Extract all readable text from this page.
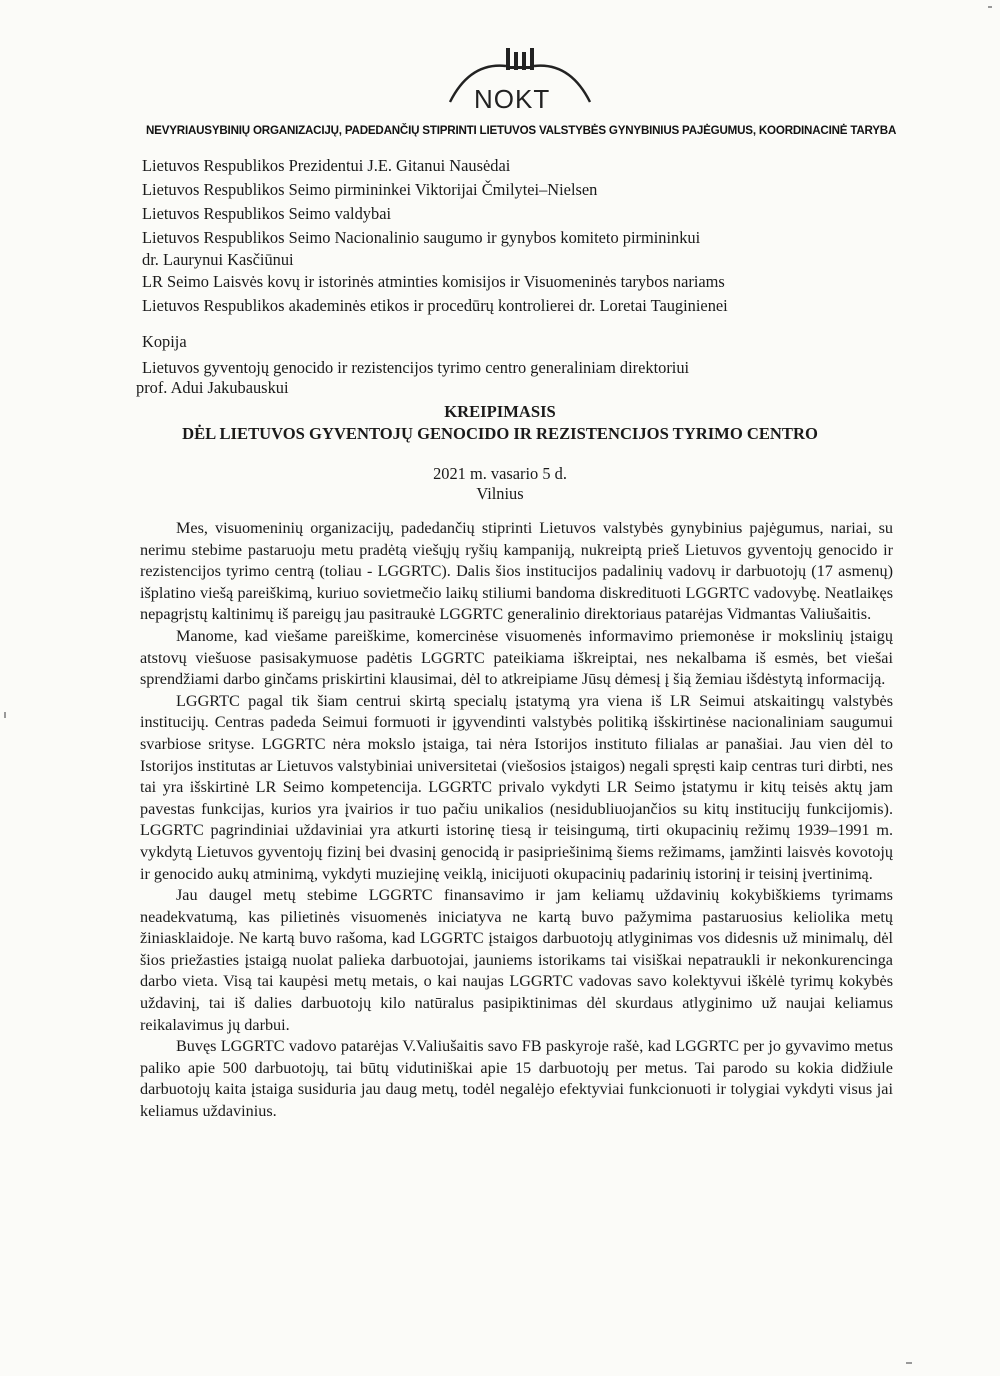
NOKT
NEVYRIAUSYBINIŲ ORGANIZACIJŲ, PADEDANČIŲ STIPRINTI LIETUVOS VALSTYBĖS GYNYBINIUS PAJĖGUMUS, KOORDINACINĖ TARYBA
Lietuvos Respublikos Prezidentui J.E. Gitanui Nausėdai
Lietuvos Respublikos Seimo pirmininkei Viktorijai Čmilytei–Nielsen
Lietuvos Respublikos Seimo valdybai
Lietuvos Respublikos Seimo Nacionalinio saugumo ir gynybos komiteto pirmininkui
dr. Laurynui Kasčiūnui
LR Seimo Laisvės kovų ir istorinės atminties komisijos ir Visuomeninės tarybos nariams
Lietuvos Respublikos akademinės etikos ir procedūrų kontrolierei dr. Loretai Tauginienei
Kopija
Lietuvos gyventojų genocido ir rezistencijos tyrimo centro generaliniam direktoriui
prof. Adui Jakubauskui
KREIPIMASIS
DĖL LIETUVOS GYVENTOJŲ GENOCIDO IR REZISTENCIJOS TYRIMO CENTRO
2021 m. vasario 5 d.
Vilnius

Mes, visuomeninių organizacijų, padedančių stiprinti Lietuvos valstybės gynybinius pajėgumus, nariai, su nerimu stebime pastaruoju metu pradėtą viešųjų ryšių kampaniją, nukreiptą prieš Lietuvos gyventojų genocido ir rezistencijos tyrimo centrą (toliau - LGGRTC). Dalis šios institucijos padalinių vadovų ir darbuotojų (17 asmenų) išplatino viešą pareiškimą, kuriuo sovietmečio laikų stiliumi bandoma diskredituoti LGGRTC vadovybę. Neatlaikęs nepagrįstų kaltinimų iš pareigų jau pasitraukė LGGRTC generalinio direktoriaus patarėjas Vidmantas Valiušaitis.

Manome, kad viešame pareiškime, komercinėse visuomenės informavimo priemonėse ir mokslinių įstaigų atstovų viešuose pasisakymuose padėtis LGGRTC pateikiama iškreiptai, nes nekalbama iš esmės, bet viešai sprendžiami darbo ginčams priskirtini klausimai, dėl to atkreipiame Jūsų dėmesį į šią žemiau išdėstytą informaciją.

LGGRTC pagal tik šiam centrui skirtą specialų įstatymą yra viena iš LR Seimui atskaitingų valstybės institucijų. Centras padeda Seimui formuoti ir įgyvendinti valstybės politiką išskirtinėse nacionaliniam saugumui svarbiose srityse. LGGRTC nėra mokslo įstaiga, tai nėra Istorijos instituto filialas ar panašiai. Jau vien dėl to Istorijos institutas ar Lietuvos valstybiniai universitetai (viešosios įstaigos) negali spręsti kaip centras turi dirbti, nes tai yra išskirtinė LR Seimo kompetencija. LGGRTC privalo vykdyti LR Seimo įstatymu ir kitų teisės aktų jam pavestas funkcijas, kurios yra įvairios ir tuo pačiu unikalios (nesidubliuojančios su kitų institucijų funkcijomis). LGGRTC pagrindiniai uždaviniai yra atkurti istorinę tiesą ir teisingumą, tirti okupacinių režimų 1939–1991 m. vykdytą Lietuvos gyventojų fizinį bei dvasinį genocidą ir pasipriešinimą šiems režimams, įamžinti laisvės kovotojų ir genocido aukų atminimą, vykdyti muziejinę veiklą, inicijuoti okupacinių padarinių istorinį ir teisinį įvertinimą.

Jau daugel metų stebime LGGRTC finansavimo ir jam keliamų uždavinių kokybiškiems tyrimams neadekvatumą, kas pilietinės visuomenės iniciatyva ne kartą buvo pažymima pastaruosius keliolika metų žiniasklaidoje. Ne kartą buvo rašoma, kad LGGRTC įstaigos darbuotojų atlyginimas vos didesnis už minimalų, dėl šios priežasties įstaigą nuolat palieka darbuotojai, jauniems istorikams tai visiškai nepatraukli ir nekonkurencinga darbo vieta. Visą tai kaupėsi metų metais, o kai naujas LGGRTC vadovas savo kolektyvui iškėlė tyrimų kokybės uždavinį, tai iš dalies darbuotojų kilo natūralus pasipiktinimas dėl skurdaus atlyginimo už naujai keliamus reikalavimus jų darbui.

Buvęs LGGRTC vadovo patarėjas V.Valiušaitis savo FB paskyroje rašė, kad LGGRTC per jo gyvavimo metus paliko apie 500 darbuotojų, tai būtų vidutiniškai apie 15 darbuotojų per metus. Tai parodo su kokia didžiule darbuotojų kaita įstaiga susiduria jau daug metų, todėl negalėjo efektyviai funkcionuoti ir tolygiai vykdyti visus jai keliamus uždavinius.
